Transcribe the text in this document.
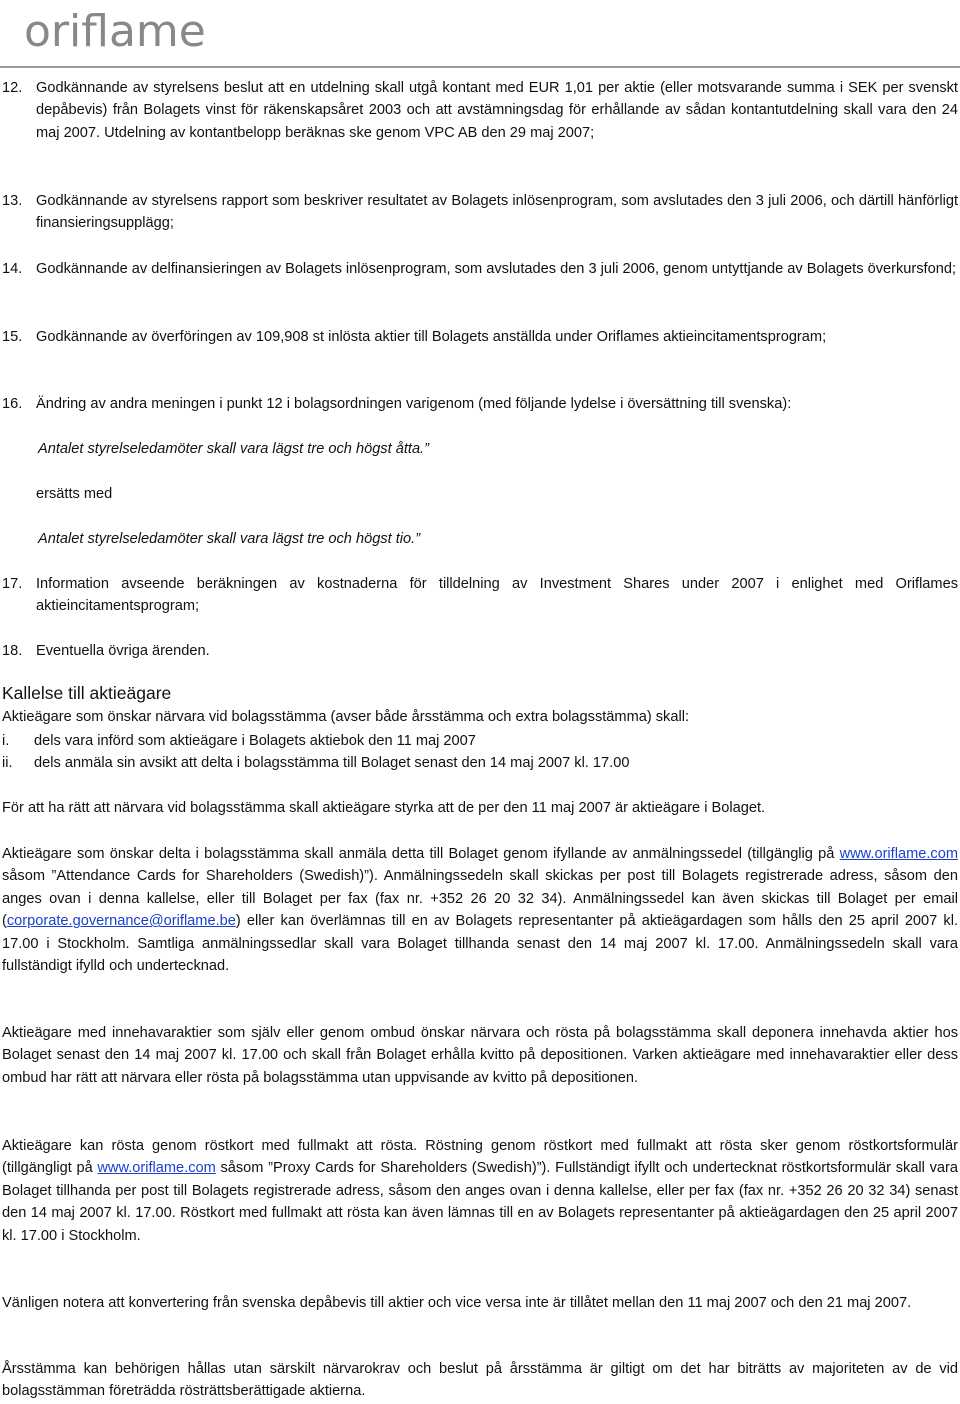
oriflame
12. Godkännande av styrelsens beslut att en utdelning skall utgå kontant med EUR 1,01 per aktie (eller motsvarande summa i SEK per svenskt depåbevis) från Bolagets vinst för räkenskapsåret 2003 och att avstämningsdag för erhållande av sådan kontantutdelning skall vara den 24 maj 2007. Utdelning av kontantbelopp beräknas ske genom VPC AB den 29 maj 2007;
13. Godkännande av styrelsens rapport som beskriver resultatet av Bolagets inlösenprogram, som avslutades den 3 juli 2006, och därtill hänförligt finansieringsupplägg;
14. Godkännande av delfinansieringen av Bolagets inlösenprogram, som avslutades den 3 juli 2006, genom untyttjande av Bolagets överkursfond;
15. Godkännande av överföringen av 109,908 st inlösta aktier till Bolagets anställda under Oriflames aktieincitamentsprogram;
16. Ändring av andra meningen i punkt 12 i bolagsordningen varigenom (med följande lydelse i översättning till svenska):
Antalet styrelseledamöter skall vara lägst tre och högst åtta.”
ersätts med
Antalet styrelseledamöter skall vara lägst tre och högst tio.”
17. Information avseende beräkningen av kostnaderna för tilldelning av Investment Shares under 2007 i enlighet med Oriflames aktieincitamentsprogram;
18. Eventuella övriga ärenden.
Kallelse till aktieägare
Aktieägare som önskar närvara vid bolagsstämma (avser både årsstämma och extra bolagsstämma) skall:
i.	dels vara införd som aktieägare i Bolagets aktiebok den 11 maj 2007
ii.	dels anmäla sin avsikt att delta i bolagsstämma till Bolaget senast den 14 maj 2007 kl. 17.00
För att ha rätt att närvara vid bolagsstämma skall aktieägare styrka att de per den 11 maj 2007 är aktieägare i Bolaget.
Aktieägare som önskar delta i bolagsstämma skall anmäla detta till Bolaget genom ifyllande av anmälningssedel (tillgänglig på www.oriflame.com såsom ”Attendance Cards for Shareholders (Swedish)”). Anmälningssedeln skall skickas per post till Bolagets registrerade adress, såsom den anges ovan i denna kallelse, eller till Bolaget per fax (fax nr. +352 26 20 32 34). Anmälningssedel kan även skickas till Bolaget per email (corporate.governance@oriflame.be) eller kan överlämnas till en av Bolagets representanter på aktieägardagen som hålls den 25 april 2007 kl. 17.00 i Stockholm. Samtliga anmälningssedlar skall vara Bolaget tillhanda senast den 14 maj 2007 kl. 17.00. Anmälningssedeln skall vara fullständigt ifylld och undertecknad.
Aktieägare med innehavaraktier som själv eller genom ombud önskar närvara och rösta på bolagsstämma skall deponera innehavda aktier hos Bolaget senast den 14 maj 2007 kl. 17.00 och skall från Bolaget erhålla kvitto på depositionen. Varken aktieägare med innehavaraktier eller dess ombud har rätt att närvara eller rösta på bolagsstämma utan uppvisande av kvitto på depositionen.
Aktieägare kan rösta genom röstkort med fullmakt att rösta. Röstning genom röstkort med fullmakt att rösta sker genom röstkortsformulär (tillgängligt på www.oriflame.com såsom ”Proxy Cards for Shareholders (Swedish)”). Fullständigt ifyllt och undertecknat röstkortsformulär skall vara Bolaget tillhanda per post till Bolagets registrerade adress, såsom den anges ovan i denna kallelse, eller per fax (fax nr. +352 26 20 32 34) senast den 14 maj 2007 kl. 17.00. Röstkort med fullmakt att rösta kan även lämnas till en av Bolagets representanter på aktieägardagen den 25 april 2007 kl. 17.00 i Stockholm.
Vänligen notera att konvertering från svenska depåbevis till aktier och vice versa inte är tillåtet mellan den 11 maj 2007 och den 21 maj 2007.
Årsstämma kan behörigen hållas utan särskilt närvarokrav och beslut på årsstämma är giltigt om det har biträtts av majoriteten av de vid bolagsstämman företrädda rösträttsberättigade aktierna.
